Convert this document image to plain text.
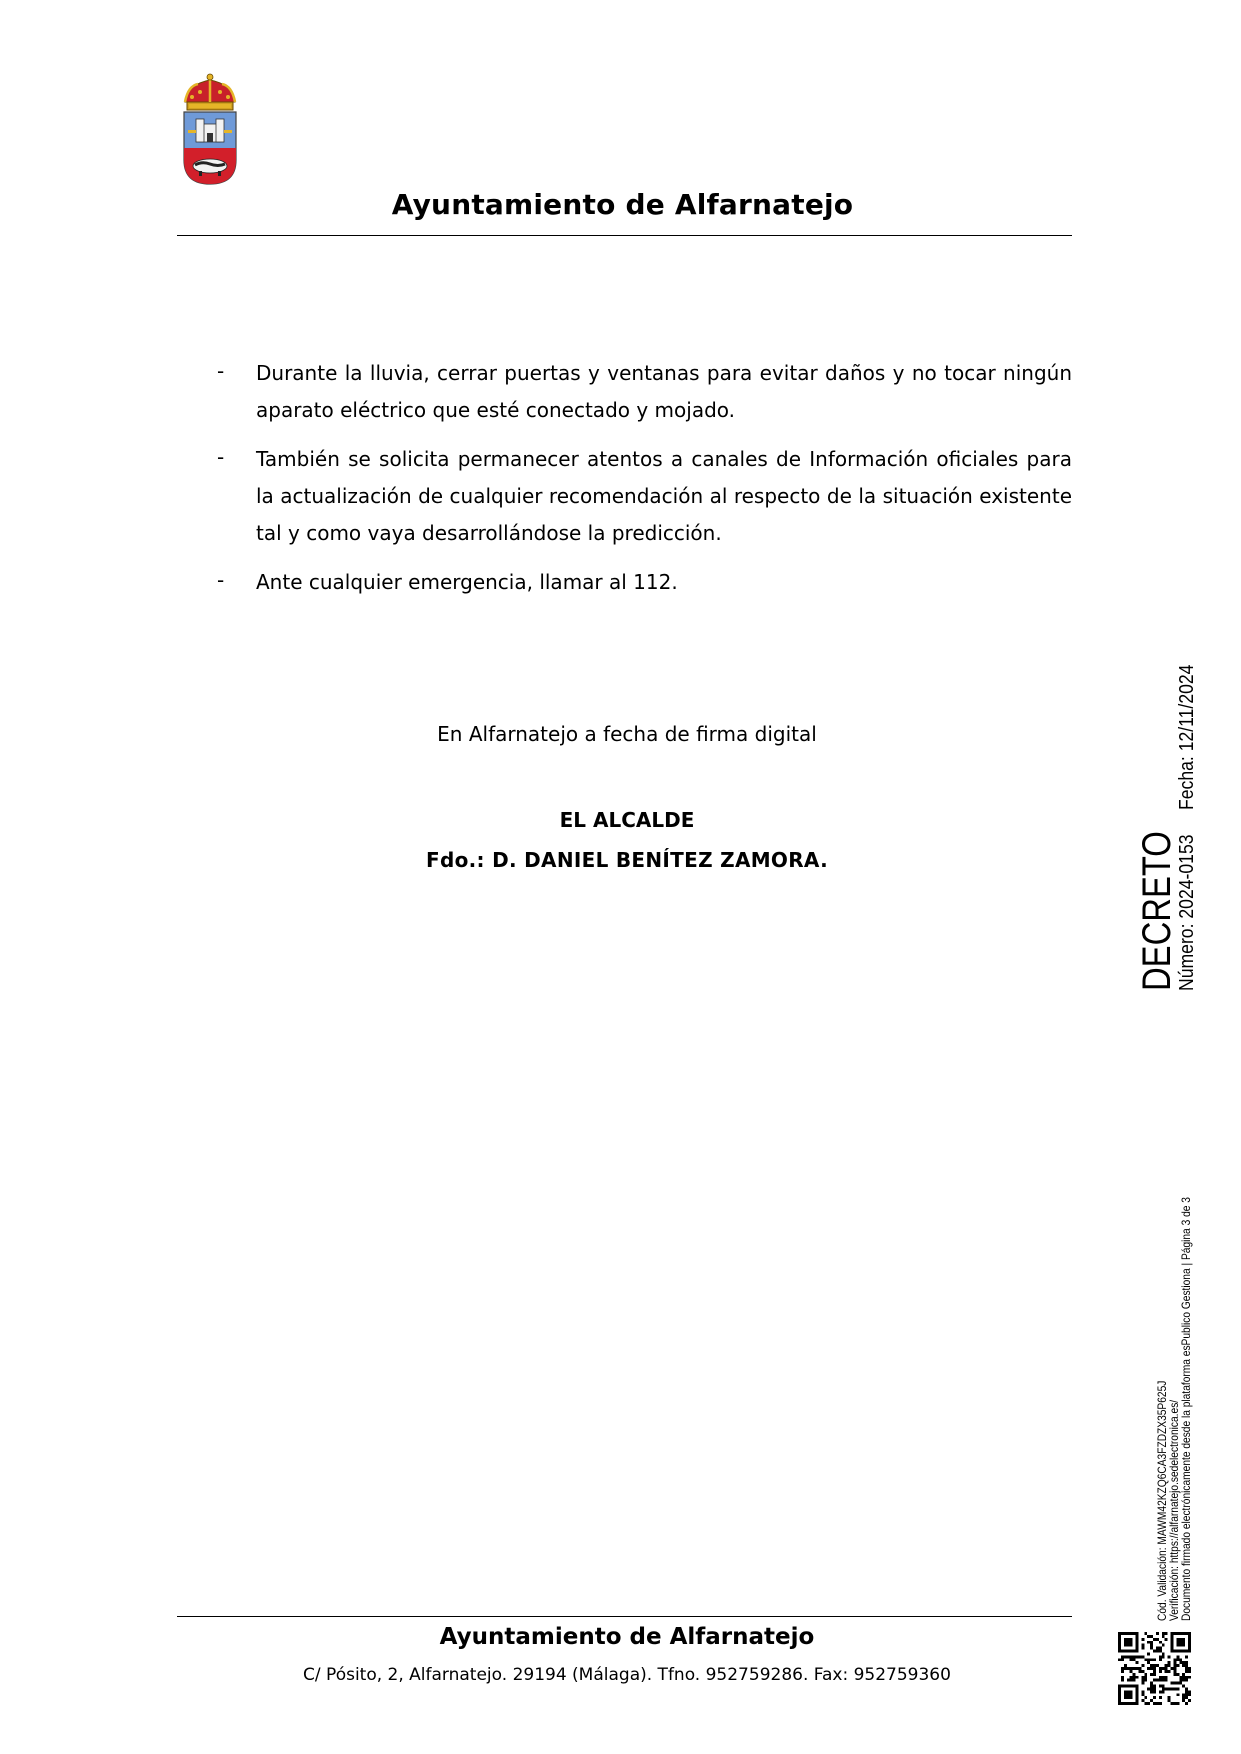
Ayuntamiento de Alfarnatejo
- Durante la lluvia, cerrar puertas y ventanas para evitar daños y no tocar ningún aparato eléctrico que esté conectado y mojado.
- También se solicita permanecer atentos a canales de Información oficiales para la actualización de cualquier recomendación al respecto de la situación existente tal y como vaya desarrollándose la predicción.
- Ante cualquier emergencia, llamar al 112.
En Alfarnatejo a fecha de firma digital
EL ALCALDE
Fdo.: D. DANIEL BENÍTEZ ZAMORA.
Ayuntamiento de Alfarnatejo
C/ Pósito, 2, Alfarnatejo. 29194 (Málaga). Tfno. 952759286. Fax: 952759360
DECRETO
Número: 2024-0153     Fecha: 12/11/2024
Cód. Validación: MAWM42KZQ6CA3FZDZX35P625J
Verificación: https://alfarnatejo.sedelectronica.es/
Documento firmado electrónicamente desde la plataforma esPublico Gestiona | Página 3 de 3
